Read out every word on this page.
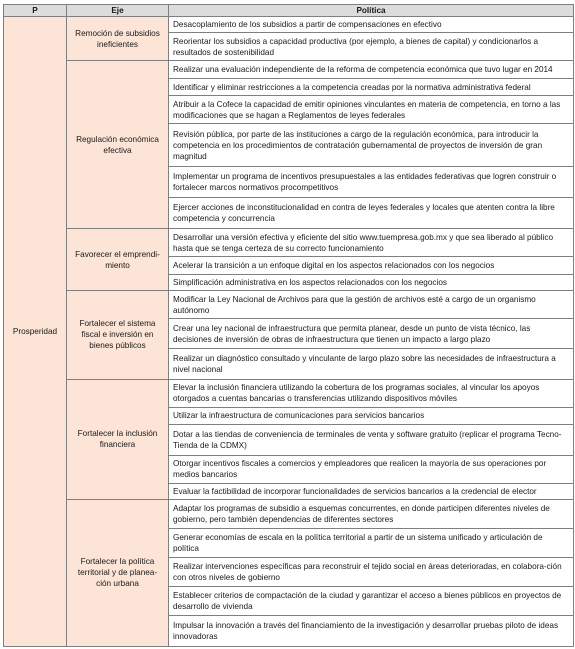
P	Eje	Política
Prosperidad	Remoción de subsidios ineficientes	Desacoplamiento de los subsidios a partir de compensaciones en efectivo
		Reorientar los subsidios a capacidad productiva (por ejemplo, a bienes de capital) y condicionarlos a resultados de sostenibilidad
	Regulación económica efectiva	Realizar una evaluación independiente de la reforma de competencia económica que tuvo lugar en 2014
		Identificar y eliminar restricciones a la competencia creadas por la normativa administrativa federal
		Atribuir a la Cofece la capacidad de emitir opiniones vinculantes en materia de competencia, en torno a las modificaciones que se hagan a Reglamentos de leyes federales
		Revisión pública, por parte de las instituciones a cargo de la regulación económica, para introducir la competencia en los procedimientos de contratación gubernamental de proyectos de inversión de gran magnitud
		Implementar un programa de incentivos presupuestales a las entidades federativas que logren construir o fortalecer marcos normativos procompetitivos
		Ejercer acciones de inconstitucionalidad en contra de leyes federales y locales que atenten contra la libre competencia y concurrencia
	Favorecer el emprendi-miento	Desarrollar una versión efectiva y eficiente del sitio www.tuempresa.gob.mx y que sea liberado al público hasta que se tenga certeza de su correcto funcionamiento
		Acelerar la transición a un enfoque digital en los aspectos relacionados con los negocios
		Simplificación administrativa en los aspectos relacionados con los negocios
	Fortalecer el sistema fiscal e inversión en bienes públicos	Modificar la Ley Nacional de Archivos para que la gestión de archivos esté a cargo de un organismo autónomo
		Crear una ley nacional de infraestructura que permita planear, desde un punto de vista técnico, las decisiones de inversión de obras de infraestructura que tienen un impacto a largo plazo
		Realizar un diagnóstico consultado y vinculante de largo plazo sobre las necesidades de infraestructura a nivel nacional
	Fortalecer la inclusión financiera	Elevar la inclusión financiera utilizando la cobertura de los programas sociales, al vincular los apoyos otorgados a cuentas bancarias o transferencias utilizando dispositivos móviles
		Utilizar la infraestructura de comunicaciones para servicios bancarios
		Dotar a las tiendas de conveniencia de terminales de venta y software gratuito (replicar el programa Tecno-Tienda de la CDMX)
		Otorgar incentivos fiscales a comercios y empleadores que realicen la mayoría de sus operaciones por medios bancarios
		Evaluar la factibilidad de incorporar funcionalidades de servicios bancarios a la credencial de elector
	Fortalecer la política territorial y de planea-ción urbana	Adaptar los programas de subsidio a esquemas concurrentes, en donde participen diferentes niveles de gobierno, pero también dependencias de diferentes sectores
		Generar economías de escala en la política territorial a partir de un sistema unificado y articulación de política
		Realizar intervenciones específicas para reconstruir el tejido social en áreas deterioradas, en colabora-ción con otros niveles de gobierno
		Establecer criterios de compactación de la ciudad y garantizar el acceso a bienes públicos en proyectos de desarrollo de vivienda
		Impulsar la innovación a través del financiamiento de la investigación y desarrollar pruebas piloto de ideas innovadoras
